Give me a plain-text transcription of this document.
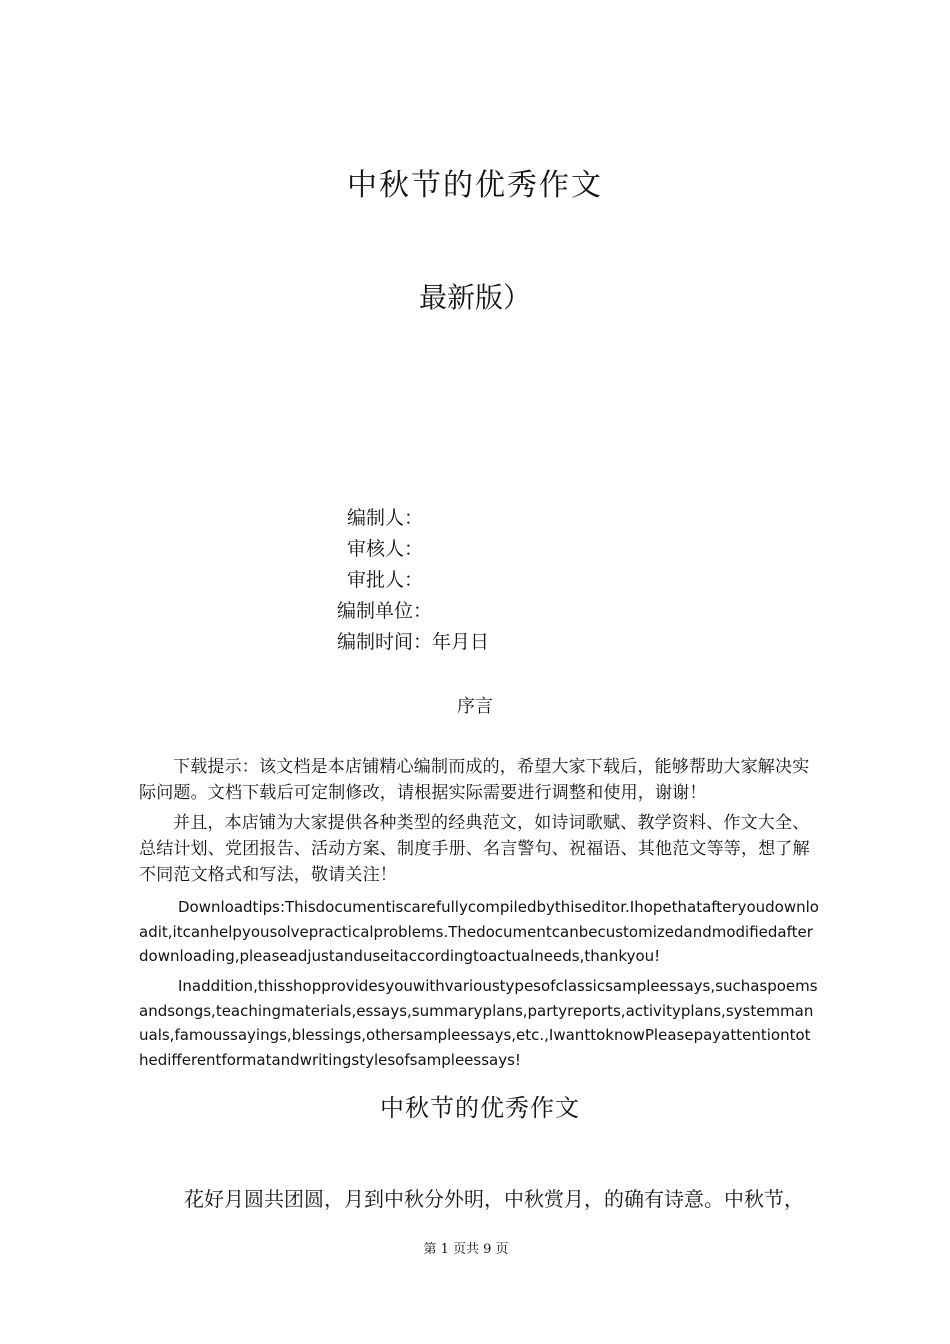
中秋节的优秀作文
最新版）
编制人：
审核人：
审批人：
编制单位：
编制时间：年月日
序言
下载提示：该文档是本店铺精心编制而成的，希望大家下载后，能够帮助大家解决实际问题。文档下载后可定制修改，请根据实际需要进行调整和使用，谢谢！
并且，本店铺为大家提供各种类型的经典范文，如诗词歌赋、教学资料、作文大全、总结计划、党团报告、活动方案、制度手册、名言警句、祝福语、其他范文等等，想了解不同范文格式和写法，敬请关注！
Downloadtips:Thisdocumentiscarefullycompiledbythiseditor.Ihopethatafteryoudownloadit,itcanhelpyousolvepracticalproblems.Thedocumentcanbecustomizedandmodifiedafterdownloading,pleaseadjustanduseitaccordingtoactualneeds,thankyou!
Inaddition,thisshopprovidesyouwithvarioustypesofclassicsampleessays,suchaspoemsandsongs,teachingmaterials,essays,summaryplans,partyreports,activityplans,systemmanuals,famoussayings,blessings,othersampleessays,etc.,IwanttoknowPleasepayattentiontothedifferentformatandwritingstylesofsampleessays!
中秋节的优秀作文
花好月圆共团圆，月到中秋分外明，中秋赏月，的确有诗意。中秋节，
第 1 页共 9 页
